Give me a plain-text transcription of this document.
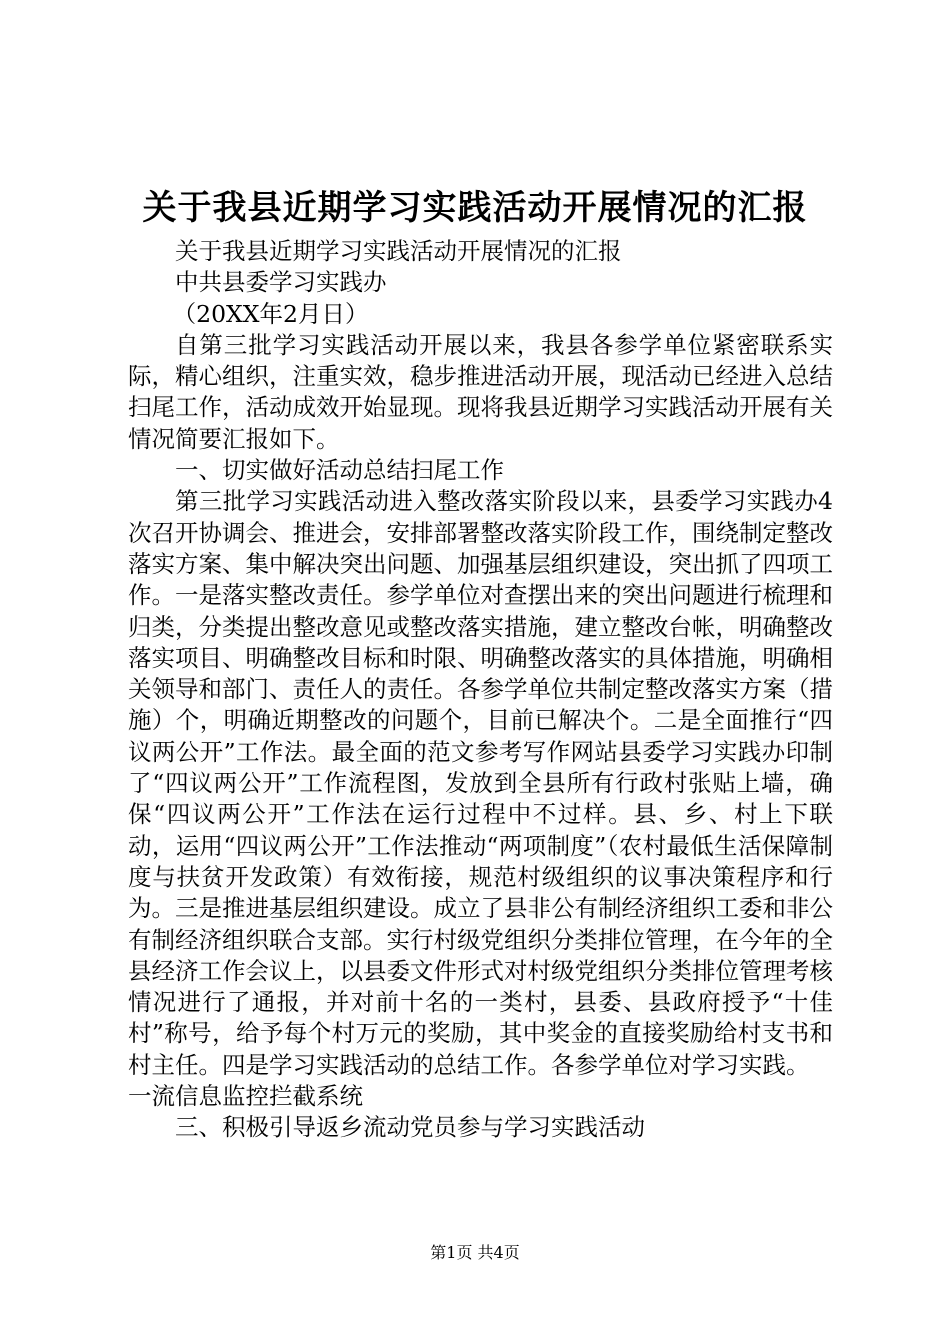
关于我县近期学习实践活动开展情况的汇报

关于我县近期学习实践活动开展情况的汇报

中共县委学习实践办

（20XX年2月日）

自第三批学习实践活动开展以来，我县各参学单位紧密联系实际，精心组织，注重实效，稳步推进活动开展，现活动已经进入总结扫尾工作，活动成效开始显现。现将我县近期学习实践活动开展有关情况简要汇报如下。

一、切实做好活动总结扫尾工作

第三批学习实践活动进入整改落实阶段以来，县委学习实践办4次召开协调会、推进会，安排部署整改落实阶段工作，围绕制定整改落实方案、集中解决突出问题、加强基层组织建设，突出抓了四项工作。一是落实整改责任。参学单位对查摆出来的突出问题进行梳理和归类，分类提出整改意见或整改落实措施，建立整改台帐，明确整改落实项目、明确整改目标和时限、明确整改落实的具体措施，明确相关领导和部门、责任人的责任。各参学单位共制定整改落实方案（措施）个，明确近期整改的问题个，目前已解决个。二是全面推行“四议两公开”工作法。最全面的范文参考写作网站县委学习实践办印制了“四议两公开”工作流程图，发放到全县所有行政村张贴上墙，确保“四议两公开”工作法在运行过程中不过样。县、乡、村上下联动，运用“四议两公开”工作法推动“两项制度”（农村最低生活保障制度与扶贫开发政策）有效衔接，规范村级组织的议事决策程序和行为。三是推进基层组织建设。成立了县非公有制经济组织工委和非公有制经济组织联合支部。实行村级党组织分类排位管理，在今年的全县经济工作会议上，以县委文件形式对村级党组织分类排位管理考核情况进行了通报，并对前十名的一类村，县委、县政府授予“十佳村”称号，给予每个村万元的奖励，其中奖金的直接奖励给村支书和村主任。四是学习实践活动的总结工作。各参学单位对学习实践。

一流信息监控拦截系统

三、积极引导返乡流动党员参与学习实践活动

第1页 共4页
